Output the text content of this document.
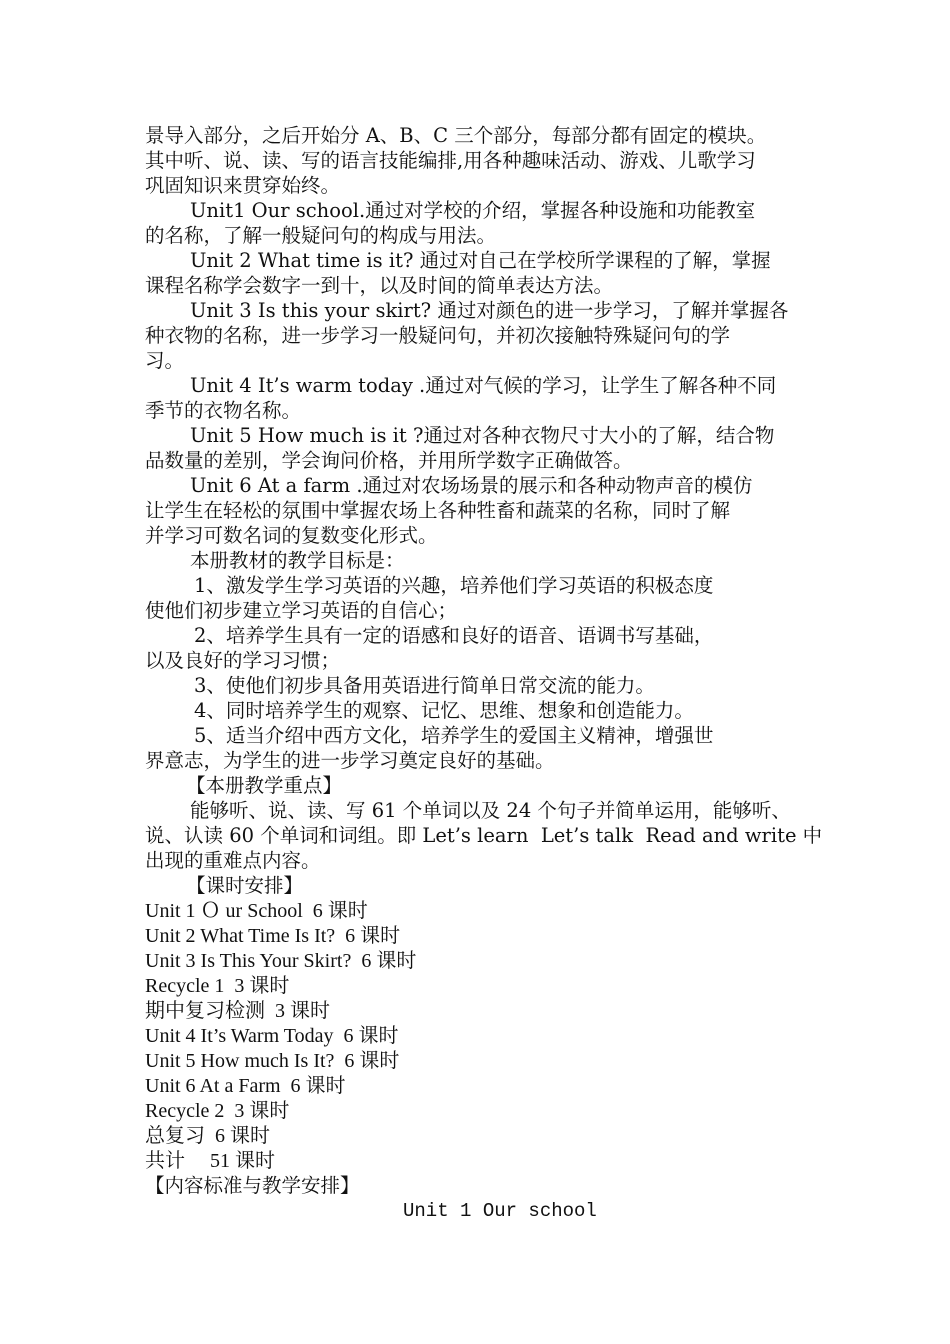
景导入部分，之后开始分 A、B、C 三个部分，每部分都有固定的模块。
其中听、说、读、写的语言技能编排,用各种趣味活动、游戏、儿歌学习
巩固知识来贯穿始终。
Unit1 Our school.通过对学校的介绍，掌握各种设施和功能教室
的名称，了解一般疑问句的构成与用法。
Unit 2 What time is it? 通过对自己在学校所学课程的了解，掌握
课程名称学会数字一到十，以及时间的简单表达方法。
Unit 3 Is this your skirt? 通过对颜色的进一步学习，了解并掌握各
种衣物的名称，进一步学习一般疑问句，并初次接触特殊疑问句的学
习。
Unit 4 It’s warm today .通过对气候的学习，让学生了解各种不同
季节的衣物名称。
Unit 5 How much is it ?通过对各种衣物尺寸大小的了解，结合物
品数量的差别，学会询问价格，并用所学数字正确做答。
Unit 6 At a farm .通过对农场场景的展示和各种动物声音的模仿
让学生在轻松的氛围中掌握农场上各种牲畜和蔬菜的名称，同时了解
并学习可数名词的复数变化形式。
本册教材的教学目标是：
1、激发学生学习英语的兴趣，培养他们学习英语的积极态度
使他们初步建立学习英语的自信心；
2、培养学生具有一定的语感和良好的语音、语调书写基础，
以及良好的学习习惯；
3、使他们初步具备用英语进行简单日常交流的能力。
4、同时培养学生的观察、记忆、思维、想象和创造能力。
5、适当介绍中西方文化，培养学生的爱国主义精神，增强世
界意志，为学生的进一步学习奠定良好的基础。
【本册教学重点】
能够听、说、读、写 61 个单词以及 24 个句子并简单运用，能够听、
说、认读 60 个单词和词组。即 Let’s learn  Let’s talk  Read and write 中
出现的重难点内容。
【课时安排】
Unit 1 Ｏ ur School  6 课时
Unit 2 What Time Is It?  6 课时
Unit 3 Is This Your Skirt?  6 课时
Recycle 1  3 课时
期中复习检测  3 课时
Unit 4 It’s Warm Today  6 课时
Unit 5 How much Is It?  6 课时
Unit 6 At a Farm  6 课时
Recycle 2  3 课时
总复习  6 课时
共计     51 课时
【内容标准与教学安排】
Unit 1 Our school
